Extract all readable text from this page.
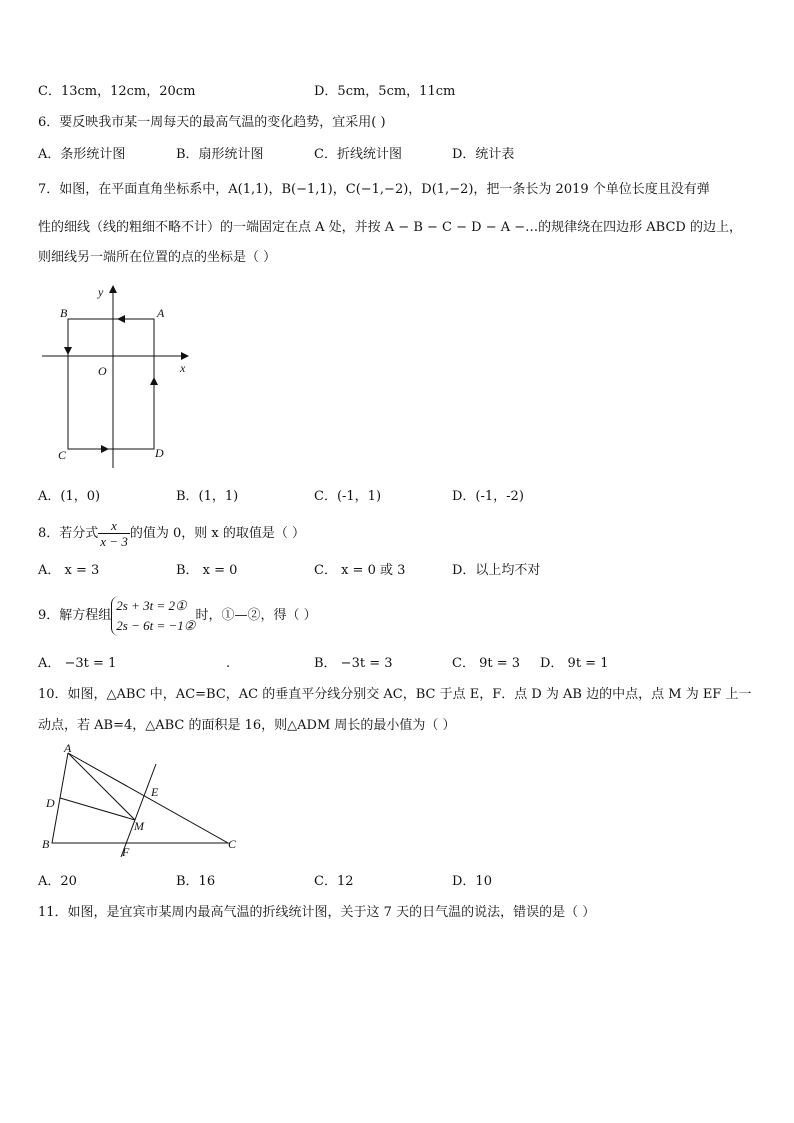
C．13cm，12cm，20cm	D．5cm，5cm，11cm
6．要反映我市某一周每天的最高气温的变化趋势，宜采用( )
A．条形统计图	B．扇形统计图	C．折线统计图	D．统计表
7．如图，在平面直角坐标系中，A(1,1)，B(−1,1)，C(−1,−2)，D(1,−2)，把一条长为 2019 个单位长度且没有弹
性的细线（线的粗细不略不计）的一端固定在点 A 处，并按 A − B − C − D − A −…的规律绕在四边形 ABCD 的边上，
则细线另一端所在位置的点的坐标是（ ）
y
x
O
A
B
C	D
A．(1，0)	B．(1，1)	C．(-1，1)	D．(-1，-2)
8．若分式 $\frac{x}{x - 3}$ 的值为 0，则 x 的取值是（ ）
A． x = 3	B． x = 0	C． x = 0 或 3	D．以上均不对
9．解方程组
2s + 3t = 2①
2s − 6t = −1②
时，①—②，得（ ）
A． −3t = 1	.	B． −3t = 3	C． 9t = 3 D． 9t = 1
10．如图，△ABC 中，AC=BC，AC 的垂直平分线分别交 AC，BC 于点 E，F．点 D 为 AB 边的中点，点 M 为 EF 上一
动点，若 AB=4，△ABC 的面积是 16，则△ADM 周长的最小值为（ ）
A
B	C
D
E
F
M
A．20	B．16	C．12	D．10
11．如图，是宜宾市某周内最高气温的折线统计图，关于这 7 天的日气温的说法，错误的是（ ）
